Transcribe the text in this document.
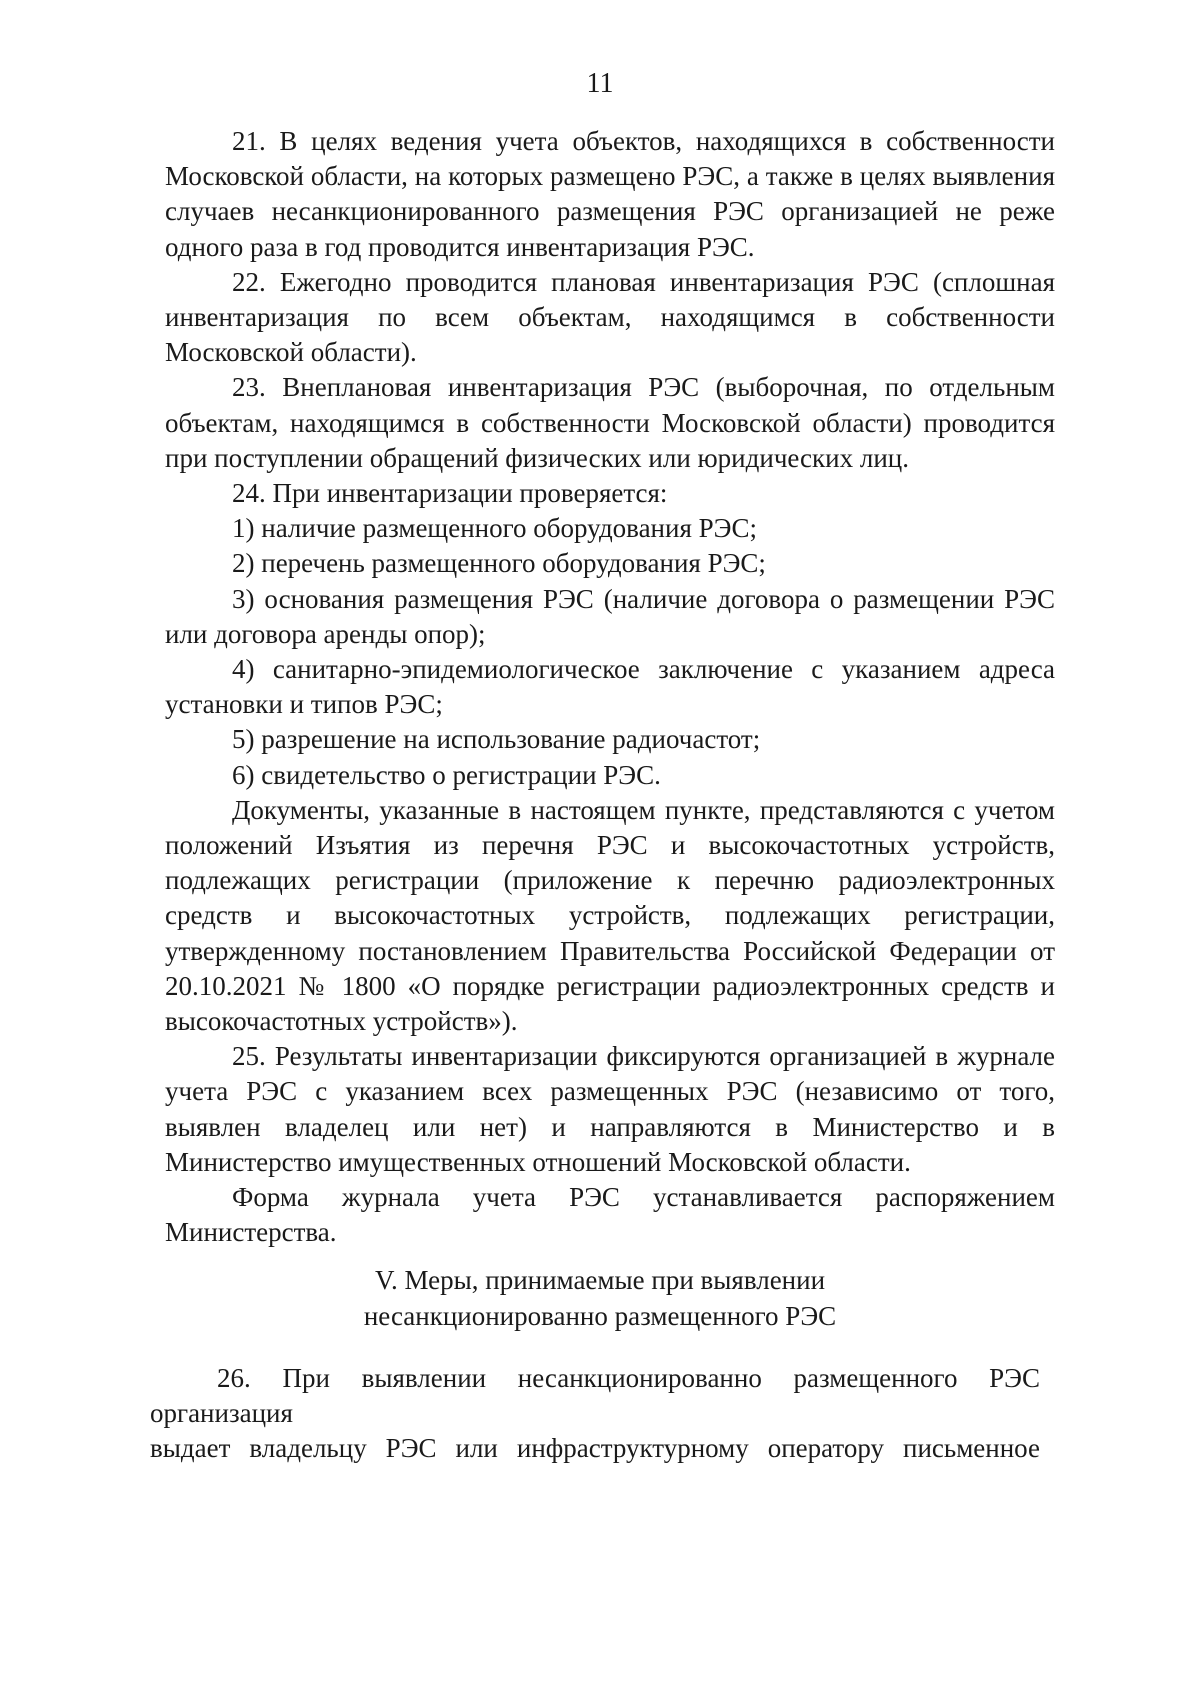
11

21. В целях ведения учета объектов, находящихся в собственности Московской области, на которых размещено РЭС, а также в целях выявления случаев несанкционированного размещения РЭС организацией не реже одного раза в год проводится инвентаризация РЭС.

22. Ежегодно проводится плановая инвентаризация РЭС (сплошная инвентаризация по всем объектам, находящимся в собственности Московской области).

23. Внеплановая инвентаризация РЭС (выборочная, по отдельным объектам, находящимся в собственности Московской области) проводится при поступлении обращений физических или юридических лиц.

24. При инвентаризации проверяется:

1) наличие размещенного оборудования РЭС;

2) перечень размещенного оборудования РЭС;

3) основания размещения РЭС (наличие договора о размещении РЭС или договора аренды опор);

4) санитарно-эпидемиологическое заключение с указанием адреса установки и типов РЭС;

5) разрешение на использование радиочастот;

6) свидетельство о регистрации РЭС.

Документы, указанные в настоящем пункте, представляются с учетом положений Изъятия из перечня РЭС и высокочастотных устройств, подлежащих регистрации (приложение к перечню радиоэлектронных средств и высокочастотных устройств, подлежащих регистрации, утвержденному постановлением Правительства Российской Федерации от 20.10.2021 № 1800 «О порядке регистрации радиоэлектронных средств и высокочастотных устройств»).

25. Результаты инвентаризации фиксируются организацией в журнале учета РЭС с указанием всех размещенных РЭС (независимо от того, выявлен владелец или нет) и направляются в Министерство и в Министерство имущественных отношений Московской области.

Форма журнала учета РЭС устанавливается распоряжением Министерства.

V. Меры, принимаемые при выявлении
несанкционированно размещенного РЭС

26. При выявлении несанкционированно размещенного РЭС организация

выдает владельцу РЭС или инфраструктурному оператору письменное
